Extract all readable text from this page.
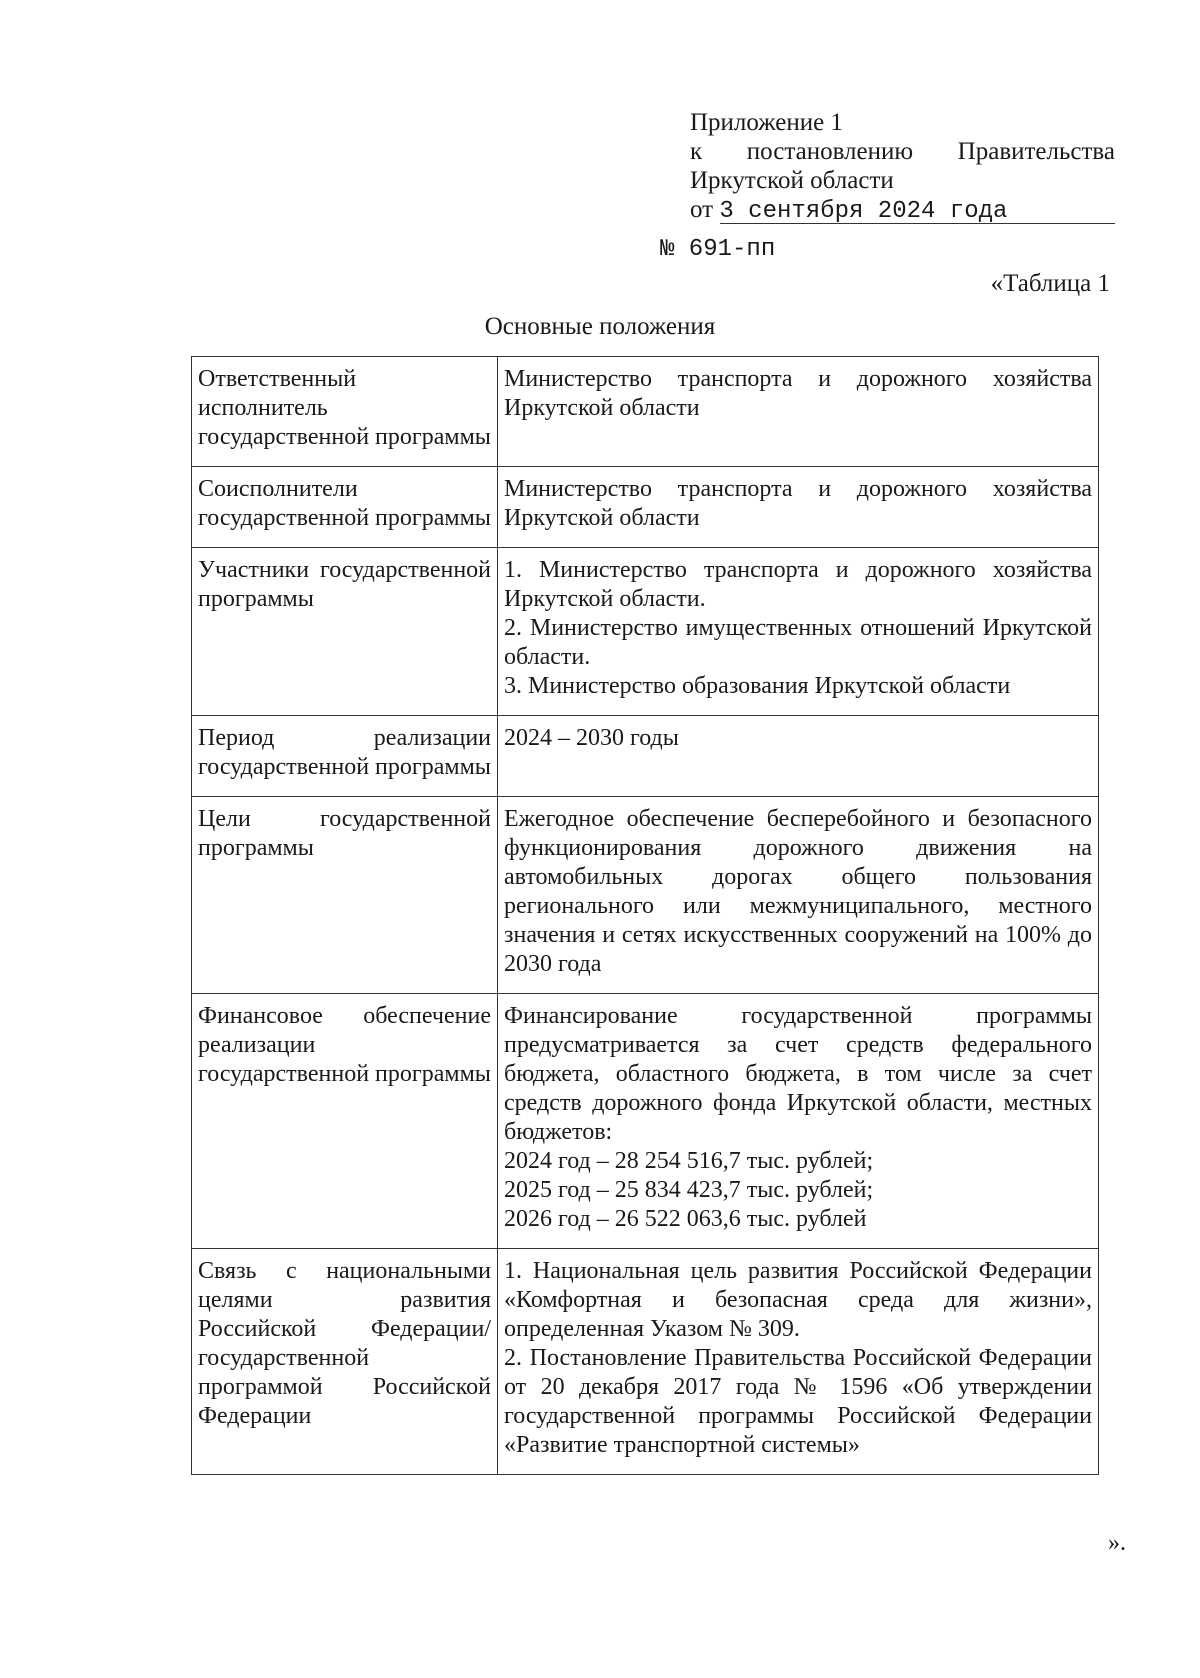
Приложение 1
к постановлению Правительства
Иркутской области
от 3 сентября 2024 года
№ 691-пп
«Таблица 1
Основные положения
Ответственный исполнитель государственной программы	Министерство транспорта и дорожного хозяйства Иркутской области

Соисполнители государственной программы	Министерство транспорта и дорожного хозяйства Иркутской области

Участники государственной программы	1. Министерство транспорта и дорожного хозяйства Иркутской области.
2. Министерство имущественных отношений Иркутской области.
3. Министерство образования Иркутской области

Период реализации государственной программы	2024 – 2030 годы

Цели государственной программы	Ежегодное обеспечение бесперебойного и безопасного функционирования дорожного движения на автомобильных дорогах общего пользования регионального или межмуниципального, местного значения и сетях искусственных сооружений на 100% до 2030 года

Финансовое обеспечение реализации государственной программы	Финансирование государственной программы предусматривается за счет средств федерального бюджета, областного бюджета, в том числе за счет средств дорожного фонда Иркутской области, местных бюджетов:
2024 год – 28 254 516,7 тыс. рублей;
2025 год – 25 834 423,7 тыс. рублей;
2026 год – 26 522 063,6 тыс. рублей

Связь с национальными целями развития Российской Федерации/государственной программой Российской Федерации	1. Национальная цель развития Российской Федерации «Комфортная и безопасная среда для жизни», определенная Указом № 309.
2. Постановление Правительства Российской Федерации от 20 декабря 2017 года № 1596 «Об утверждении государственной программы Российской Федерации «Развитие транспортной системы»
».
